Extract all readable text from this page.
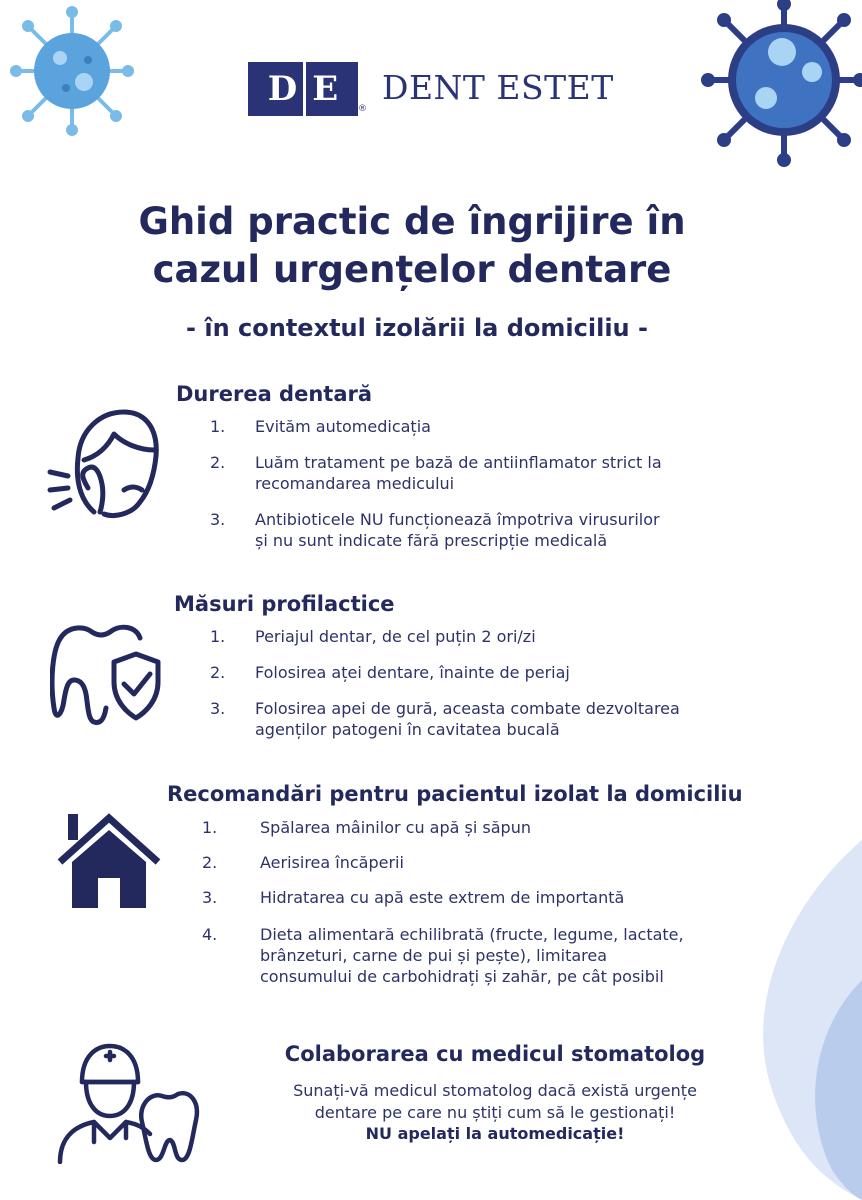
D E ®
DENT ESTET
Ghid practic de îngrijire în
cazul urgențelor dentare
- în contextul izolării la domiciliu -
Durerea dentară
1. Evităm automedicația
2. Luăm tratament pe bază de antiinflamator strict la
recomandarea medicului
3. Antibioticele NU funcționează împotriva virusurilor
și nu sunt indicate fără prescripție medicală
Măsuri profilactice
1. Periajul dentar, de cel puțin 2 ori/zi
2. Folosirea aței dentare, înainte de periaj
3. Folosirea apei de gură, aceasta combate dezvoltarea
agenților patogeni în cavitatea bucală
Recomandări pentru pacientul izolat la domiciliu
1.	Spălarea mâinilor cu apă și săpun
2.	Aerisirea încăperii
3.	Hidratarea cu apă este extrem de importantă
4.	Dieta alimentară echilibrată (fructe, legume, lactate,
brânzeturi, carne de pui și pește), limitarea
consumului de carbohidrați și zahăr, pe cât posibil
Colaborarea cu medicul stomatolog
Sunați-vă medicul stomatolog dacă există urgențe
dentare pe care nu știți cum să le gestionați!
NU apelați la automedicație!
